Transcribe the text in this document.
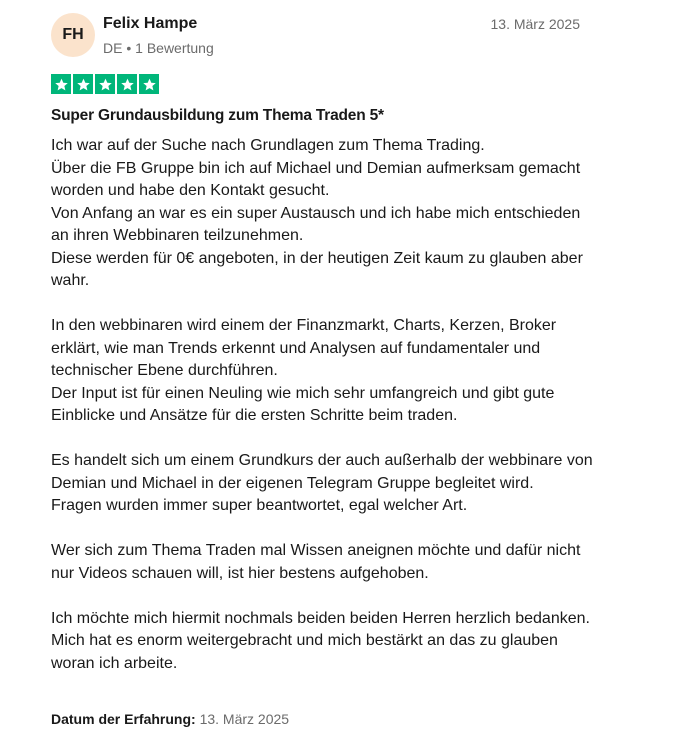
FH
Felix Hampe
DE • 1 Bewertung
13. März 2025
Super Grundausbildung zum Thema Traden 5*

Ich war auf der Suche nach Grundlagen zum Thema Trading.
Über die FB Gruppe bin ich auf Michael und Demian aufmerksam gemacht worden und habe den Kontakt gesucht.
Von Anfang an war es ein super Austausch und ich habe mich entschieden an ihren Webbinaren teilzunehmen.
Diese werden für 0€ angeboten, in der heutigen Zeit kaum zu glauben aber wahr.

In den webbinaren wird einem der Finanzmarkt, Charts, Kerzen, Broker erklärt, wie man Trends erkennt und Analysen auf fundamentaler und technischer Ebene durchführen.
Der Input ist für einen Neuling wie mich sehr umfangreich und gibt gute Einblicke und Ansätze für die ersten Schritte beim traden.

Es handelt sich um einem Grundkurs der auch außerhalb der webbinare von Demian und Michael in der eigenen Telegram Gruppe begleitet wird.
Fragen wurden immer super beantwortet, egal welcher Art.

Wer sich zum Thema Traden mal Wissen aneignen möchte und dafür nicht nur Videos schauen will, ist hier bestens aufgehoben.

Ich möchte mich hiermit nochmals beiden beiden Herren herzlich bedanken.
Mich hat es enorm weitergebracht und mich bestärkt an das zu glauben woran ich arbeite.

Datum der Erfahrung: 13. März 2025
